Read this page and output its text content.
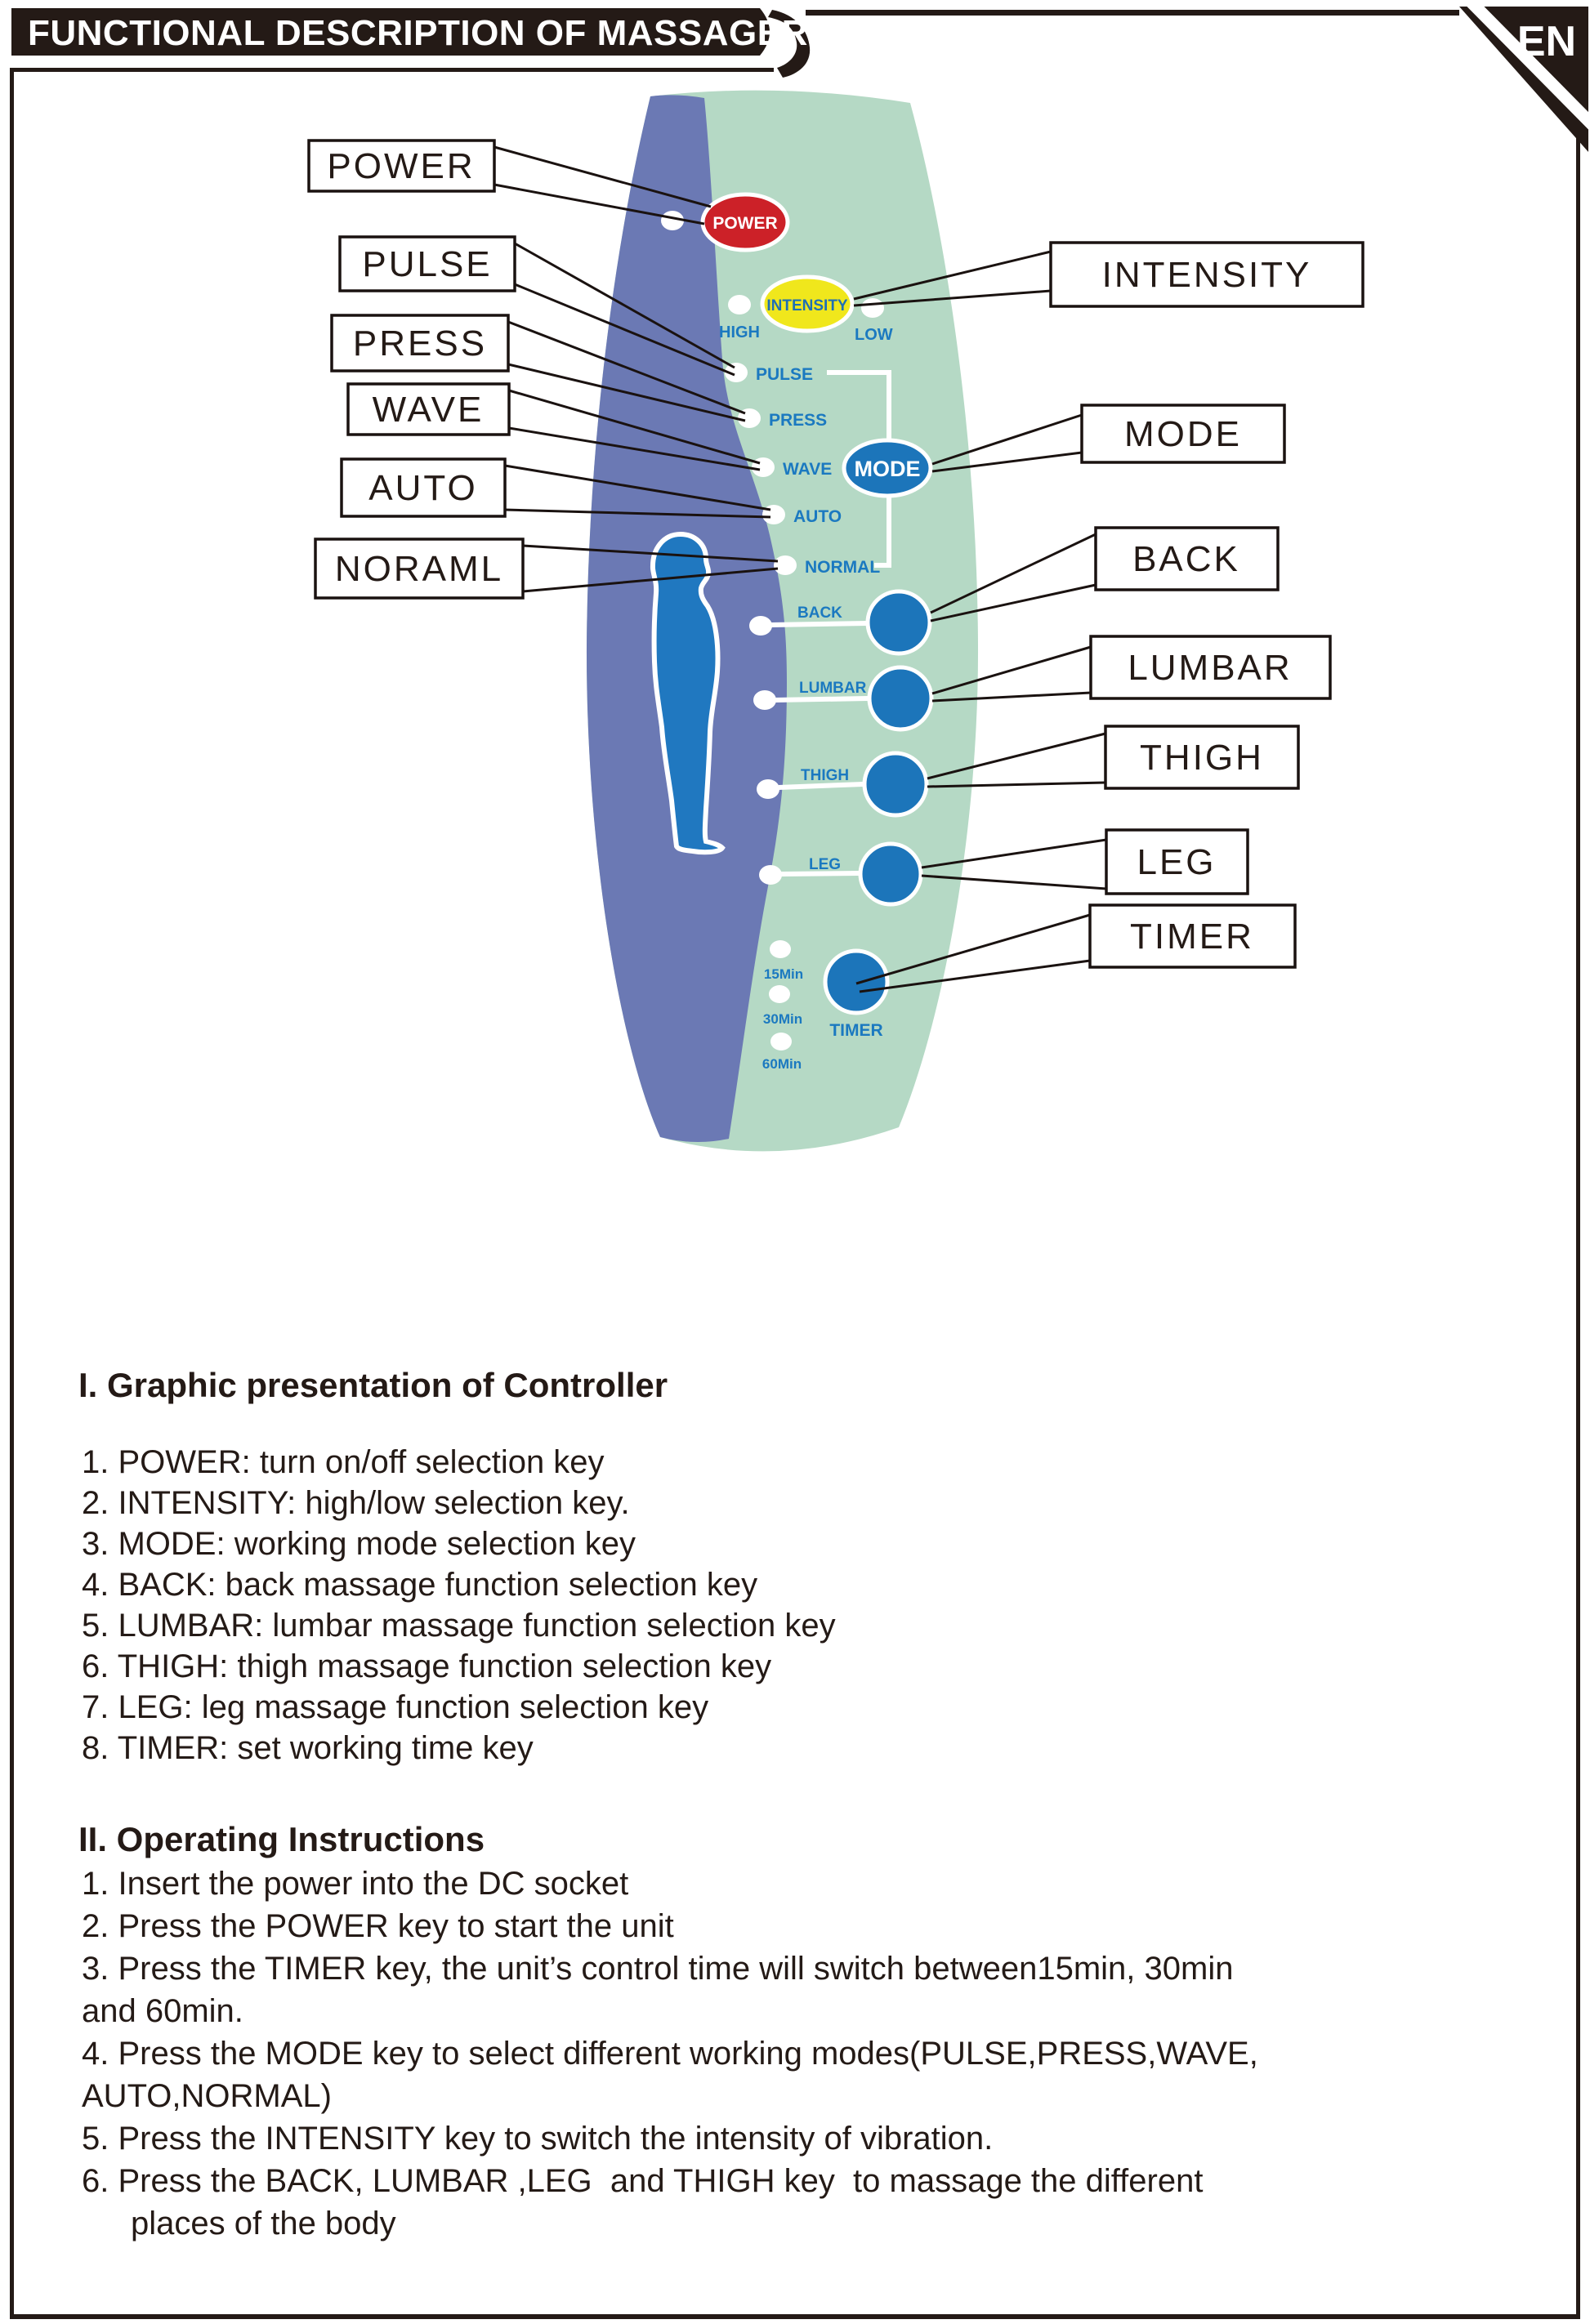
FUNCTIONAL DESCRIPTION OF MASSAGER	EN
POWER
INTENSITY
MODE
HIGH	LOW
PULSE
PRESS
WAVE
AUTO
NORMAL
BACK
LUMBAR
THIGH
LEG
15Min
30Min
60Min
TIMER
POWER
PULSE
PRESS
WAVE
AUTO
NORAML
INTENSITY
MODE
BACK
LUMBAR
THIGH
LEG
TIMER
I. Graphic presentation of Controller
1. POWER: turn on/off selection key
2. INTENSITY: high/low selection key.
3. MODE: working mode selection key
4. BACK: back massage function selection key
5. LUMBAR: lumbar massage function selection key
6. THIGH: thigh massage function selection key
7. LEG: leg massage function selection key
8. TIMER: set working time key
II. Operating Instructions
1. Insert the power into the DC socket
2. Press the POWER key to start the unit
3. Press the TIMER key, the unit’s control time will switch between15min, 30min
and 60min.
4. Press the MODE key to select different working modes(PULSE,PRESS,WAVE,
AUTO,NORMAL)
5. Press the INTENSITY key to switch the intensity of vibration.
6. Press the BACK, LUMBAR ,LEG  and THIGH key  to massage the different
places of the body
